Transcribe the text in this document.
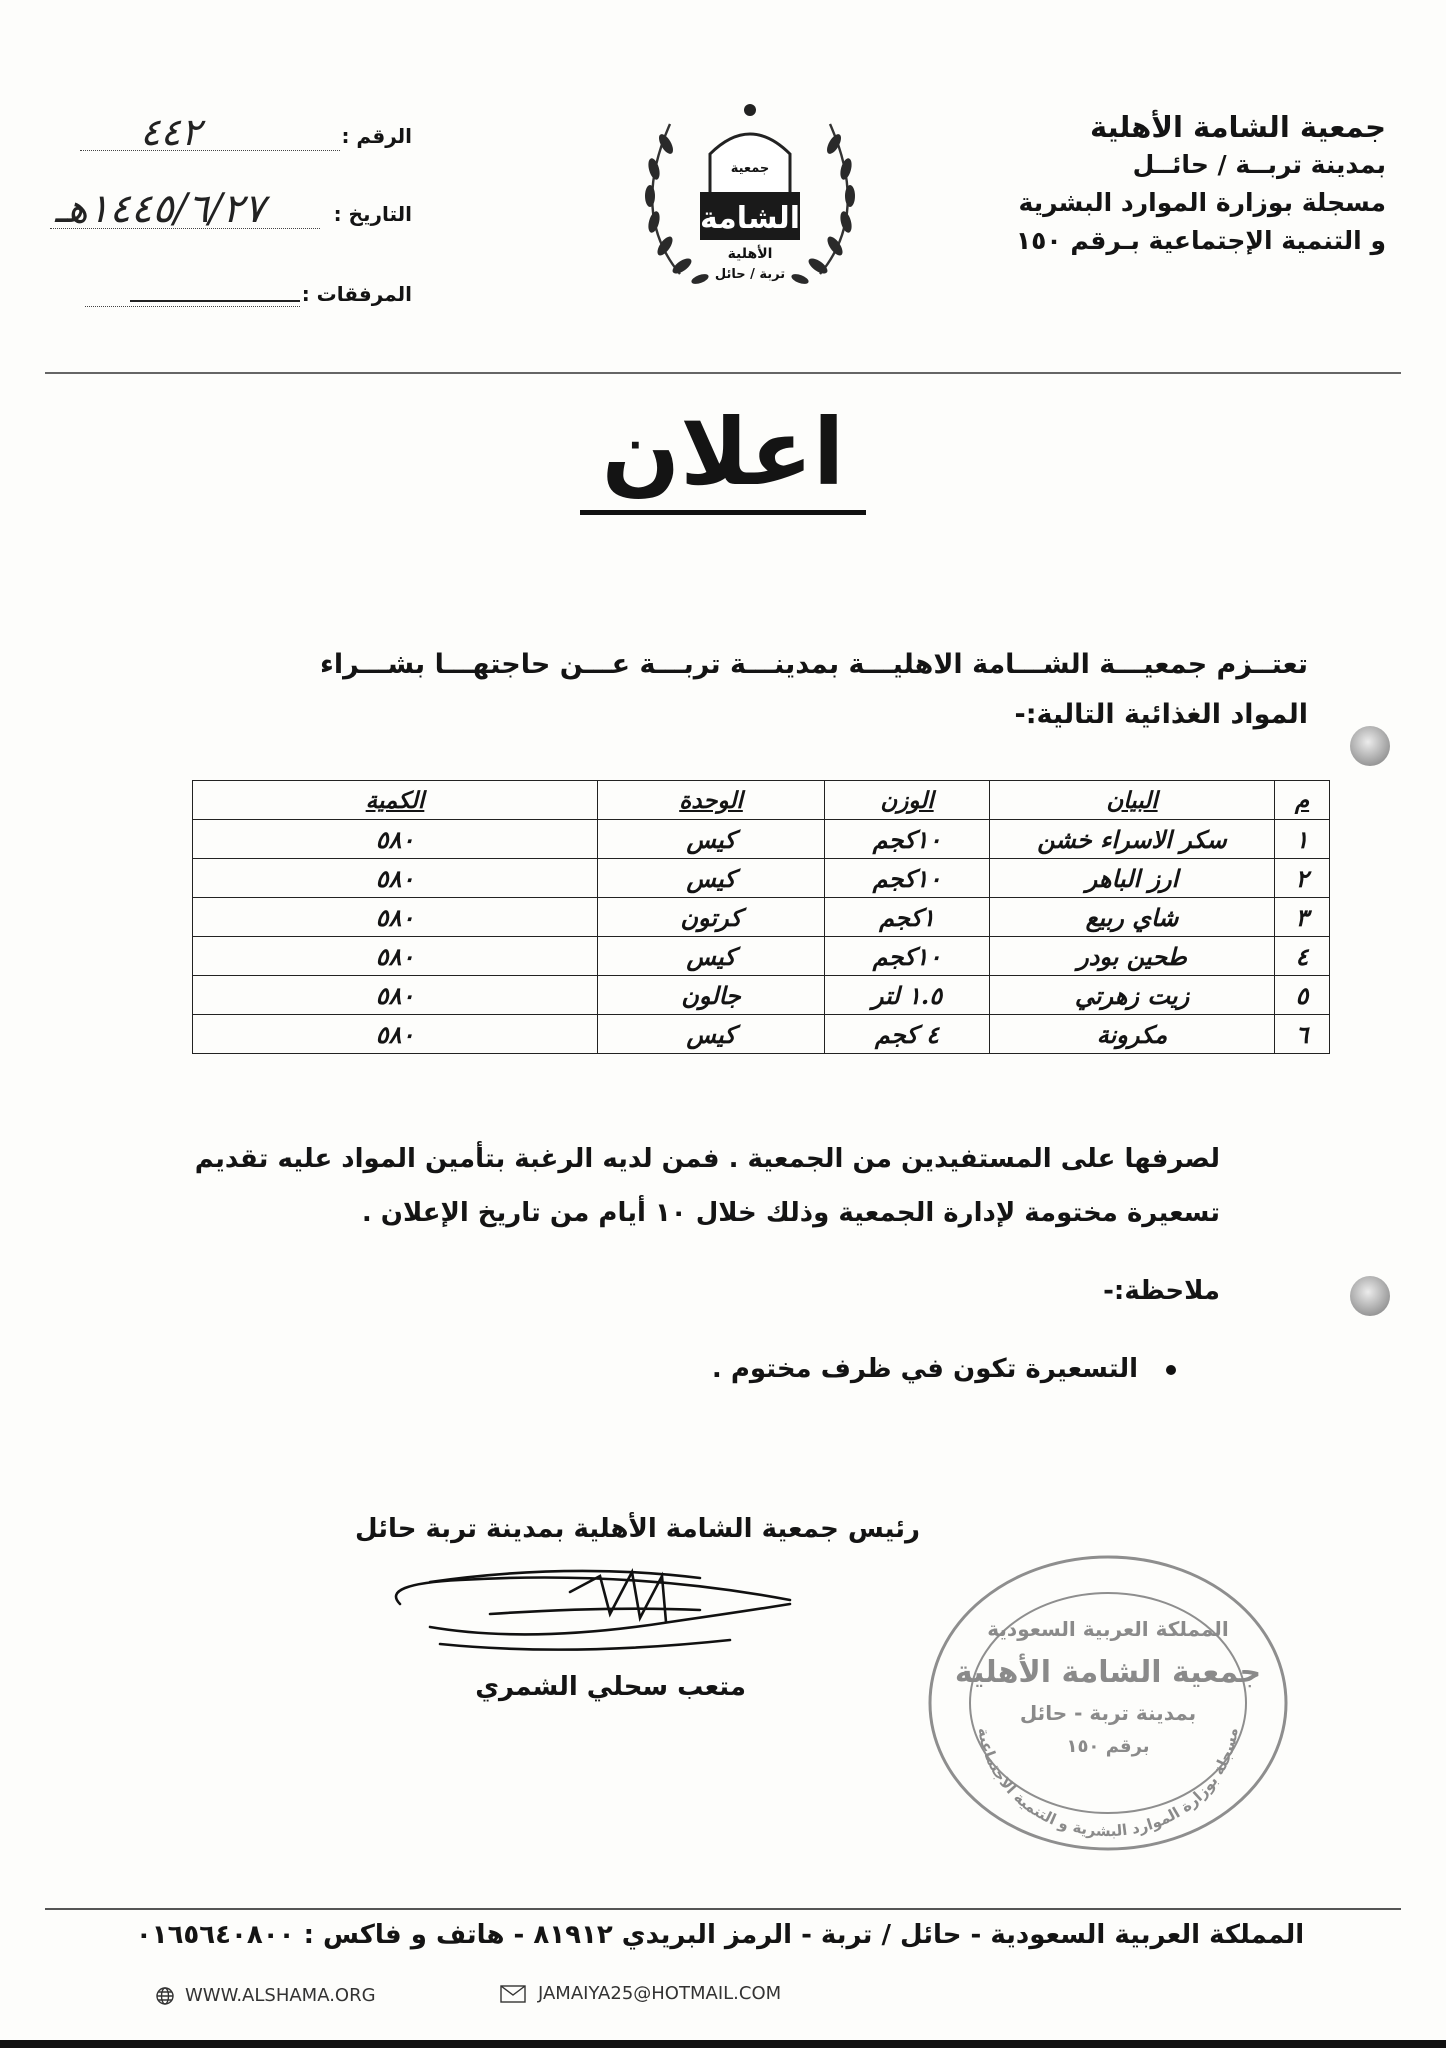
جمعية الشامة الأهلية
بمدينة تربــة / حائــل
مسجلة بوزارة الموارد البشرية
و التنمية الإجتماعية بـرقم ١٥٠
جمعية
الشامة
الأهلية
تربة / حائل
الرقم :
٤٤٢
التاريخ :
١٤٤٥/٦/٢٧هـ
المرفقات :
اعلان
تعتــزم جمعيـــة الشـــامة الاهليـــة بمدينـــة تربـــة عـــن حاجتهـــا بشـــراء
المواد الغذائية التالية:-
م	البيان	الوزن	الوحدة	الكمية
١	سكر الاسراء خشن	١٠كجم	كيس	٥٨٠
٢	ارز الباهر	١٠كجم	كيس	٥٨٠
٣	شاي ربيع	١كجم	كرتون	٥٨٠
٤	طحين بودر	١٠كجم	كيس	٥٨٠
٥	زيت زهرتي	١.٥ لتر	جالون	٥٨٠
٦	مكرونة	٤ كجم	كيس	٥٨٠
لصرفها على المستفيدين من الجمعية . فمن لديه الرغبة بتأمين المواد عليه تقديم
تسعيرة مختومة لإدارة الجمعية وذلك خلال ١٠ أيام من تاريخ الإعلان .
ملاحظة:-
التسعيرة تكون في ظرف مختوم .
رئيس جمعية الشامة الأهلية بمدينة تربة حائل
متعب سحلي الشمري
المملكة العربية السعودية
جمعية الشامة الأهلية
بمدينة تربة - حائل
برقم ١٥٠
مسجلة بوزارة الموارد البشرية و التنمية الاجتماعية
المملكة العربية السعودية - حائل / تربة - الرمز البريدي ٨١٩١٢ - هاتف و فاكس : ٠١٦٥٦٤٠٨٠٠
WWW.ALSHAMA.ORG	JAMAIYA25@HOTMAIL.COM
